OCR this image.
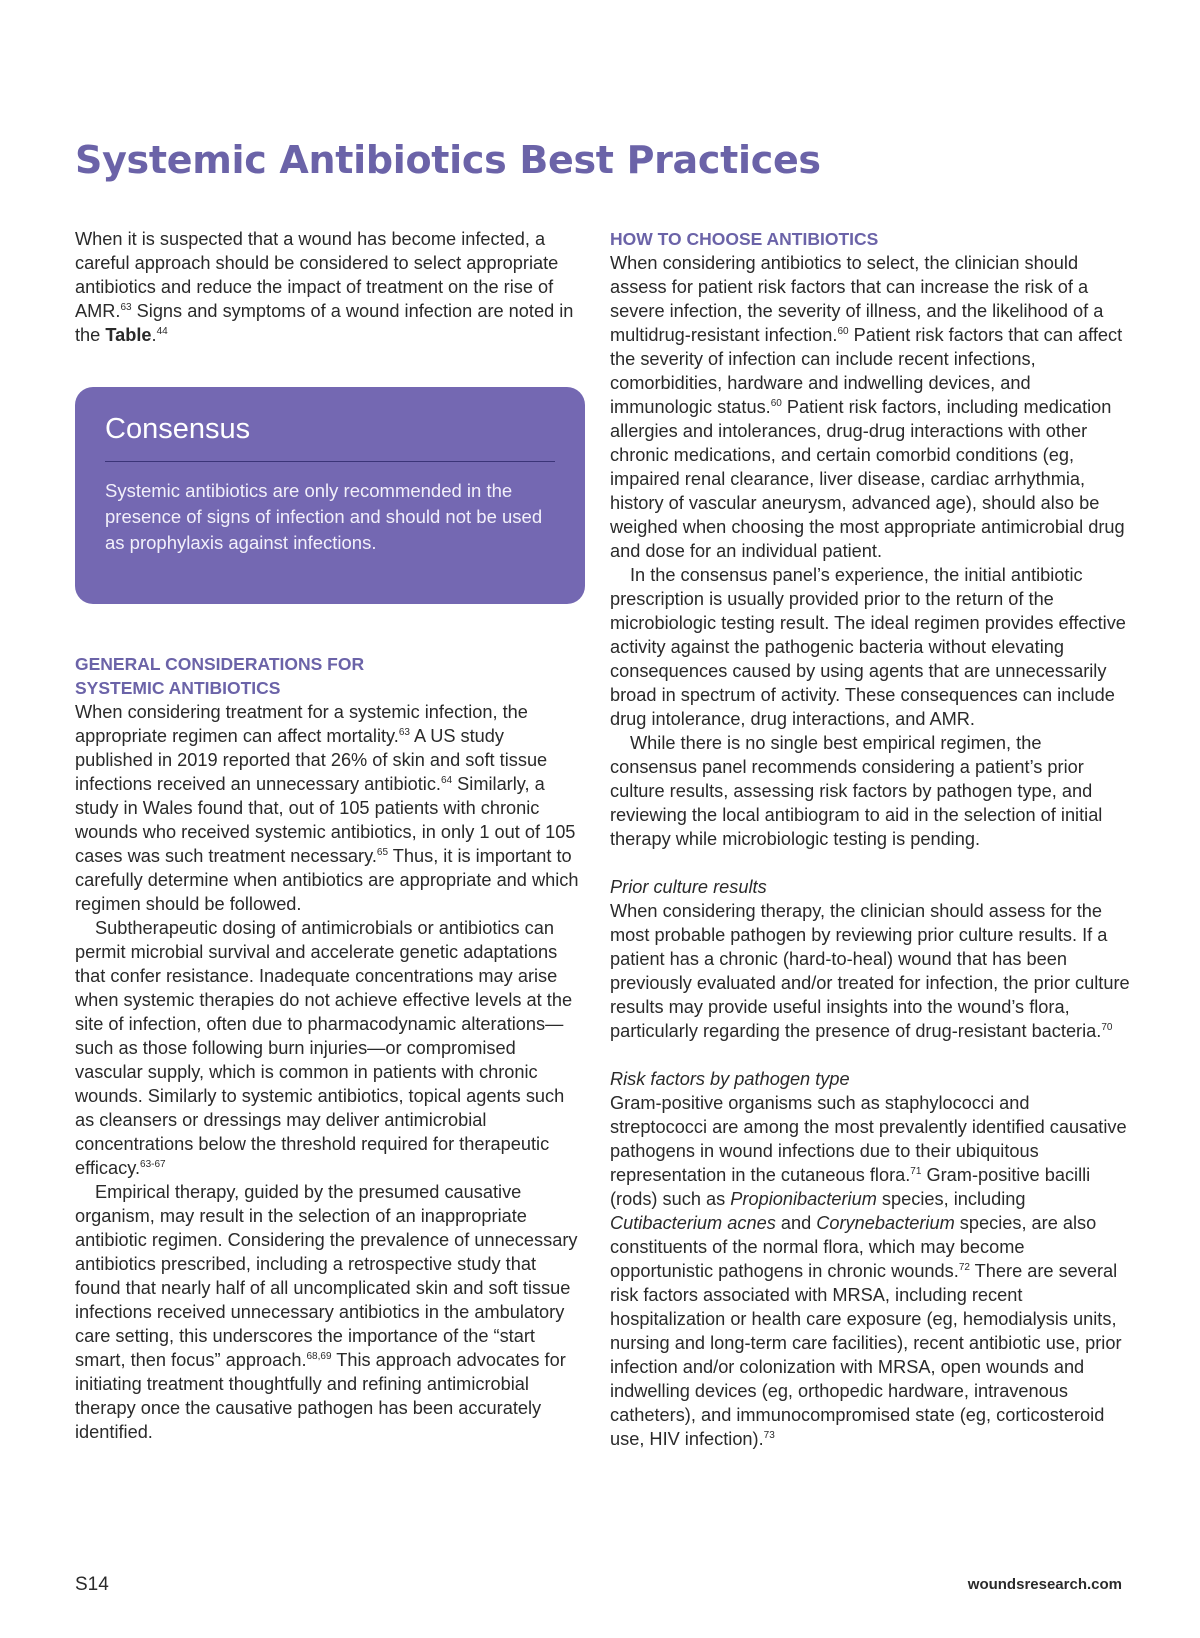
Systemic Antibiotics Best Practices

When it is suspected that a wound has become infected, a careful approach should be considered to select appropriate antibiotics and reduce the impact of treatment on the rise of AMR.$^{63}$ Signs and symptoms of a wound infection are noted in the Table.$^{44}$

Consensus

Systemic antibiotics are only recommended in the presence of signs of infection and should not be used as prophylaxis against infections.

GENERAL CONSIDERATIONS FOR
SYSTEMIC ANTIBIOTICS

When considering treatment for a systemic infection, the appropriate regimen can affect mortality.$^{63}$ A US study published in 2019 reported that 26% of skin and soft tissue infections received an unnecessary antibiotic.$^{64}$ Similarly, a study in Wales found that, out of 105 patients with chronic wounds who received systemic antibiotics, in only 1 out of 105 cases was such treatment necessary.$^{65}$ Thus, it is important to carefully determine when antibiotics are appropriate and which regimen should be followed.

Subtherapeutic dosing of antimicrobials or antibiotics can permit microbial survival and accelerate genetic adaptations that confer resistance. Inadequate concentrations may arise when systemic therapies do not achieve effective levels at the site of infection, often due to pharmacodynamic alterations—such as those following burn injuries—or compromised vascular supply, which is common in patients with chronic wounds. Similarly to systemic antibiotics, topical agents such as cleansers or dressings may deliver antimicrobial concentrations below the threshold required for therapeutic efficacy.$^{63-67}$

Empirical therapy, guided by the presumed causative organism, may result in the selection of an inappropriate antibiotic regimen. Considering the prevalence of unnecessary antibiotics prescribed, including a retrospective study that found that nearly half of all uncomplicated skin and soft tissue infections received unnecessary antibiotics in the ambulatory care setting, this underscores the importance of the “start smart, then focus” approach.$^{68,69}$ This approach advocates for initiating treatment thoughtfully and refining antimicrobial therapy once the causative pathogen has been accurately identified.

HOW TO CHOOSE ANTIBIOTICS

When considering antibiotics to select, the clinician should assess for patient risk factors that can increase the risk of a severe infection, the severity of illness, and the likelihood of a multidrug-resistant infection.$^{60}$ Patient risk factors that can affect the severity of infection can include recent infections, comorbidities, hardware and indwelling devices, and immunologic status.$^{60}$ Patient risk factors, including medication allergies and intolerances, drug-drug interactions with other chronic medications, and certain comorbid conditions (eg, impaired renal clearance, liver disease, cardiac arrhythmia, history of vascular aneurysm, advanced age), should also be weighed when choosing the most appropriate antimicrobial drug and dose for an individual patient.

In the consensus panel’s experience, the initial antibiotic prescription is usually provided prior to the return of the microbiologic testing result. The ideal regimen provides effective activity against the pathogenic bacteria without elevating consequences caused by using agents that are unnecessarily broad in spectrum of activity. These consequences can include drug intolerance, drug interactions, and AMR.

While there is no single best empirical regimen, the consensus panel recommends considering a patient’s prior culture results, assessing risk factors by pathogen type, and reviewing the local antibiogram to aid in the selection of initial therapy while microbiologic testing is pending.

Prior culture results

When considering therapy, the clinician should assess for the most probable pathogen by reviewing prior culture results. If a patient has a chronic (hard-to-heal) wound that has been previously evaluated and/or treated for infection, the prior culture results may provide useful insights into the wound’s flora, particularly regarding the presence of drug-resistant bacteria.$^{70}$

Risk factors by pathogen type

Gram-positive organisms such as staphylococci and streptococci are among the most prevalently identified causative pathogens in wound infections due to their ubiquitous representation in the cutaneous flora.$^{71}$ Gram-positive bacilli (rods) such as Propionibacterium species, including Cutibacterium acnes and Corynebacterium species, are also constituents of the normal flora, which may become opportunistic pathogens in chronic wounds.$^{72}$ There are several risk factors associated with MRSA, including recent hospitalization or health care exposure (eg, hemodialysis units, nursing and long-term care facilities), recent antibiotic use, prior infection and/or colonization with MRSA, open wounds and indwelling devices (eg, orthopedic hardware, intravenous catheters), and immunocompromised state (eg, corticosteroid use, HIV infection).$^{73}$

S14	woundsresearch.com
